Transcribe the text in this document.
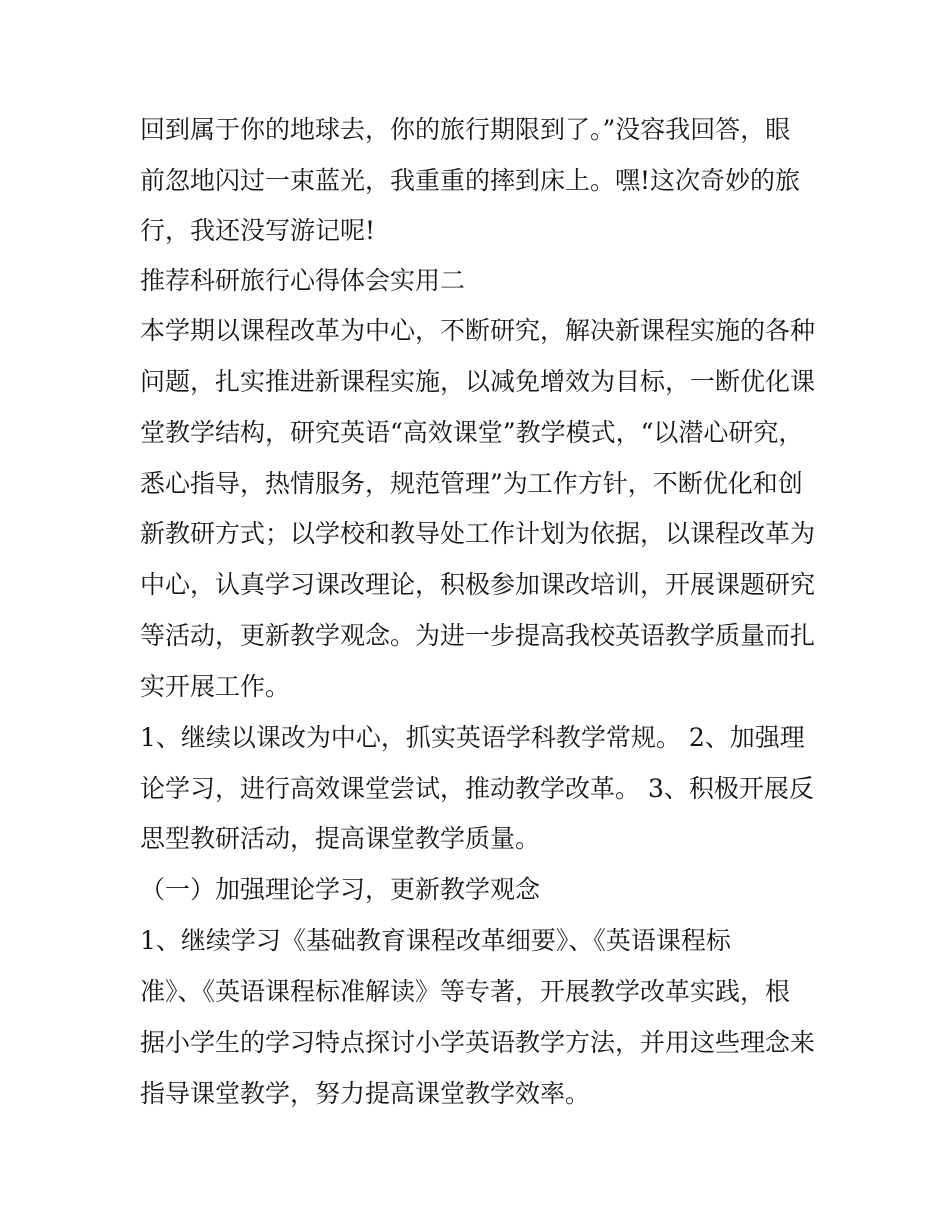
回到属于你的地球去，你的旅行期限到了。”没容我回答，眼
前忽地闪过一束蓝光，我重重的摔到床上。嘿!这次奇妙的旅
行，我还没写游记呢!
推荐科研旅行心得体会实用二
本学期以课程改革为中心，不断研究，解决新课程实施的各种
问题，扎实推进新课程实施，以减免增效为目标，一断优化课
堂教学结构，研究英语“高效课堂”教学模式，“以潜心研究，
悉心指导，热情服务，规范管理”为工作方针，不断优化和创
新教研方式；以学校和教导处工作计划为依据，以课程改革为
中心，认真学习课改理论，积极参加课改培训，开展课题研究
等活动，更新教学观念。为进一步提高我校英语教学质量而扎
实开展工作。
1、继续以课改为中心，抓实英语学科教学常规。 2、加强理
论学习，进行高效课堂尝试，推动教学改革。 3、积极开展反
思型教研活动，提高课堂教学质量。
（一）加强理论学习，更新教学观念
1、继续学习《基础教育课程改革细要》、《英语课程标
准》、《英语课程标准解读》等专著，开展教学改革实践，根
据小学生的学习特点探讨小学英语教学方法，并用这些理念来
指导课堂教学，努力提高课堂教学效率。
